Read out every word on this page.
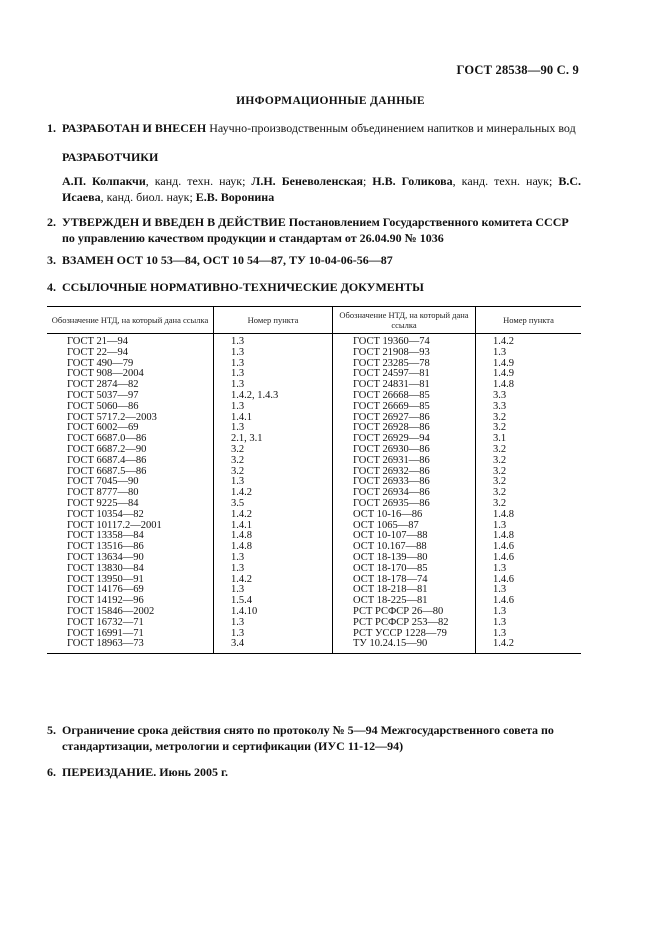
ГОСТ 28538—90 С. 9
ИНФОРМАЦИОННЫЕ ДАННЫЕ
1. РАЗРАБОТАН И ВНЕСЕН Научно-производственным объединением напитков и минеральных вод
РАЗРАБОТЧИКИ
А.П. Колпакчи, канд. техн. наук; Л.Н. Беневоленская; Н.В. Голикова, канд. техн. наук; В.С. Исаева, канд. биол. наук; Е.В. Воронина
2. УТВЕРЖДЕН И ВВЕДЕН В ДЕЙСТВИЕ Постановлением Государственного комитета СССР по управлению качеством продукции и стандартам от 26.04.90 № 1036
3. ВЗАМЕН ОСТ 10 53—84, ОСТ 10 54—87, ТУ 10-04-06-56—87
4. ССЫЛОЧНЫЕ НОРМАТИВНО-ТЕХНИЧЕСКИЕ ДОКУМЕНТЫ
Обозначение НТД, на который дана ссылка	Номер пункта	Обозначение НТД, на который дана ссылка	Номер пункта
ГОСТ 21—94	1.3	ГОСТ 19360—74	1.4.2
ГОСТ 22—94	1.3	ГОСТ 21908—93	1.3
ГОСТ 490—79	1.3	ГОСТ 23285—78	1.4.9
ГОСТ 908—2004	1.3	ГОСТ 24597—81	1.4.9
ГОСТ 2874—82	1.3	ГОСТ 24831—81	1.4.8
ГОСТ 5037—97	1.4.2, 1.4.3	ГОСТ 26668—85	3.3
ГОСТ 5060—86	1.3	ГОСТ 26669—85	3.3
ГОСТ 5717.2—2003	1.4.1	ГОСТ 26927—86	3.2
ГОСТ 6002—69	1.3	ГОСТ 26928—86	3.2
ГОСТ 6687.0—86	2.1, 3.1	ГОСТ 26929—94	3.1
ГОСТ 6687.2—90	3.2	ГОСТ 26930—86	3.2
ГОСТ 6687.4—86	3.2	ГОСТ 26931—86	3.2
ГОСТ 6687.5—86	3.2	ГОСТ 26932—86	3.2
ГОСТ 7045—90	1.3	ГОСТ 26933—86	3.2
ГОСТ 8777—80	1.4.2	ГОСТ 26934—86	3.2
ГОСТ 9225—84	3.5	ГОСТ 26935—86	3.2
ГОСТ 10354—82	1.4.2	ОСТ 10-16—86	1.4.8
ГОСТ 10117.2—2001	1.4.1	ОСТ 1065—87	1.3
ГОСТ 13358—84	1.4.8	ОСТ 10-107—88	1.4.8
ГОСТ 13516—86	1.4.8	ОСТ 10.167—88	1.4.6
ГОСТ 13634—90	1.3	ОСТ 18-139—80	1.4.6
ГОСТ 13830—84	1.3	ОСТ 18-170—85	1.3
ГОСТ 13950—91	1.4.2	ОСТ 18-178—74	1.4.6
ГОСТ 14176—69	1.3	ОСТ 18-218—81	1.3
ГОСТ 14192—96	1.5.4	ОСТ 18-225—81	1.4.6
ГОСТ 15846—2002	1.4.10	РСТ РСФСР 26—80	1.3
ГОСТ 16732—71	1.3	РСТ РСФСР 253—82	1.3
ГОСТ 16991—71	1.3	РСТ УССР 1228—79	1.3
ГОСТ 18963—73	3.4	ТУ 10.24.15—90	1.4.2
5. Ограничение срока действия снято по протоколу № 5—94 Межгосударственного совета по стандартизации, метрологии и сертификации (ИУС 11-12—94)
6. ПЕРЕИЗДАНИЕ. Июнь 2005 г.
